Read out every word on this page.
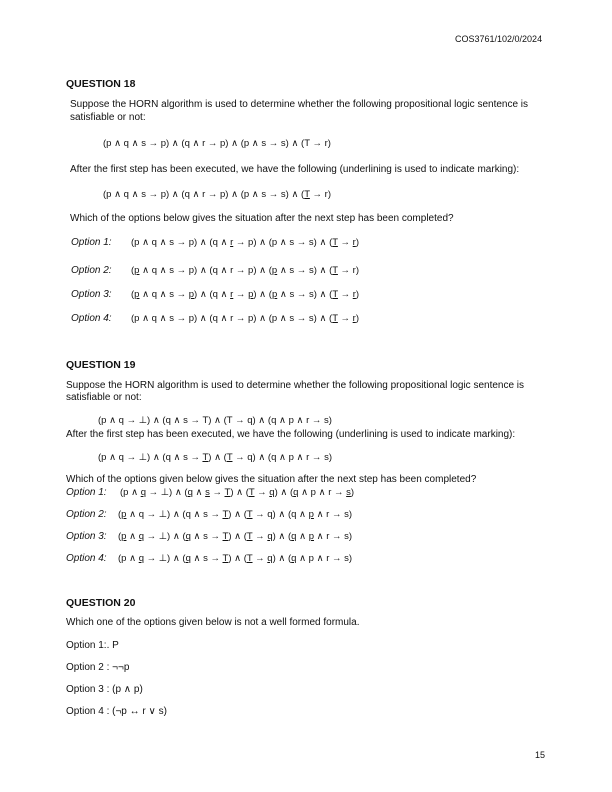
COS3761/102/0/2024
QUESTION 18
Suppose the HORN algorithm is used to determine whether the following propositional logic sentence is
satisfiable or not:
(p ∧ q ∧ s → p) ∧ (q ∧ r → p) ∧ (p ∧ s → s) ∧ (T → r)
After the first step has been executed, we have the following (underlining is used to indicate marking):
(p ∧ q ∧ s → p) ∧ (q ∧ r → p) ∧ (p ∧ s → s) ∧ (T → r)
Which of the options below gives the situation after the next step has been completed?
Option 1: (p ∧ q ∧ s → p) ∧ (q ∧ r → p) ∧ (p ∧ s → s) ∧ (T → r)
Option 2: (p ∧ q ∧ s → p) ∧ (q ∧ r → p) ∧ (p ∧ s → s) ∧ (T → r)
Option 3: (p ∧ q ∧ s → p) ∧ (q ∧ r → p) ∧ (p ∧ s → s) ∧ (T → r)
Option 4: (p ∧ q ∧ s → p) ∧ (q ∧ r → p) ∧ (p ∧ s → s) ∧ (T → r)
QUESTION 19
Suppose the HORN algorithm is used to determine whether the following propositional logic sentence is
satisfiable or not:
(p ∧ q → ⊥) ∧ (q ∧ s → T) ∧ (T → q) ∧ (q ∧ p ∧ r → s)
After the first step has been executed, we have the following (underlining is used to indicate marking):
(p ∧ q → ⊥) ∧ (q ∧ s → T) ∧ (T → q) ∧ (q ∧ p ∧ r → s)
Which of the options given below gives the situation after the next step has been completed?
Option 1: (p ∧ q → ⊥) ∧ (q ∧ s → T) ∧ (T → q) ∧ (q ∧ p ∧ r → s)
Option 2: (p ∧ q → ⊥) ∧ (q ∧ s → T) ∧ (T → q) ∧ (q ∧ p ∧ r → s)
Option 3: (p ∧ q → ⊥) ∧ (q ∧ s → T) ∧ (T → q) ∧ (q ∧ p ∧ r → s)
Option 4: (p ∧ q → ⊥) ∧ (q ∧ s → T) ∧ (T → q) ∧ (q ∧ p ∧ r → s)
QUESTION 20
Which one of the options given below is not a well formed formula.
Option 1:. P
Option 2 : ¬¬p
Option 3 : (p ∧ p)
Option 4 : (¬p ↔ r ∨ s)
15
